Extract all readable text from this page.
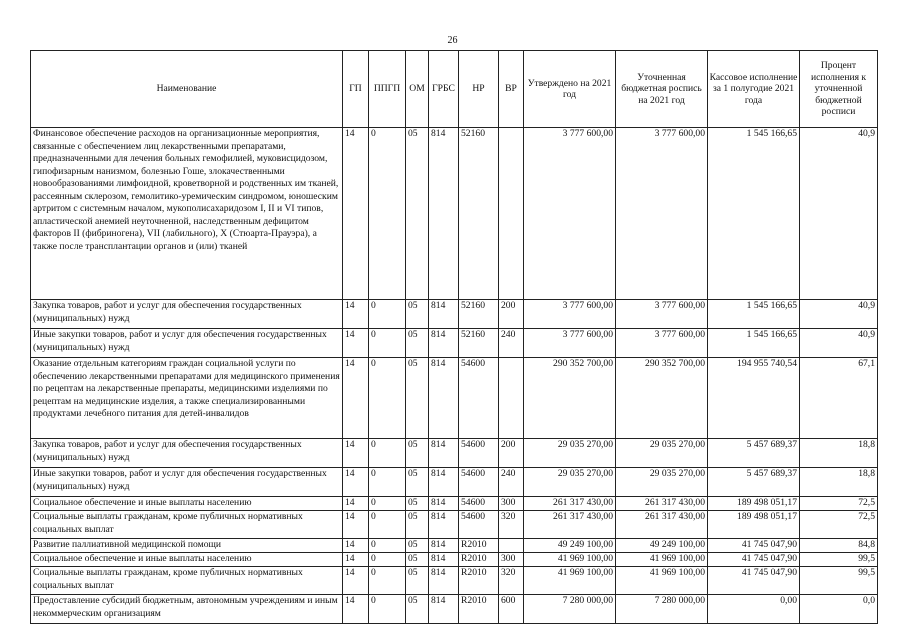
26
Наименование	ГП	ППГП	ОМ	ГРБС	НР	ВР	Утверждено на 2021 год	Уточненная бюджетная роспись на 2021 год	Кассовое исполнение за 1 полугодие 2021 года	Процент исполнения к уточненной бюджетной росписи
Финансовое обеспечение расходов на организационные мероприятия, связанные с обеспечением лиц лекарственными препаратами, предназначенными для лечения больных гемофилией, муковисцидозом, гипофизарным нанизмом, болезнью Гоше, злокачественными новообразованиями лимфоидной, кроветворной и родственных им тканей, рассеянным склерозом, гемолитико-уремическим синдромом, юношеским артритом с системным началом, мукополисахаридозом I, II и VI типов, апластической анемией неуточненной, наследственным дефицитом факторов II (фибриногена), VII (лабильного), X (Стюарта-Прауэра), а также после трансплантации органов и (или) тканей	14	0	05	814	52160		3 777 600,00	3 777 600,00	1 545 166,65	40,9
Закупка товаров, работ и услуг для обеспечения государственных (муниципальных) нужд	14	0	05	814	52160	200	3 777 600,00	3 777 600,00	1 545 166,65	40,9
Иные закупки товаров, работ и услуг для обеспечения государственных (муниципальных) нужд	14	0	05	814	52160	240	3 777 600,00	3 777 600,00	1 545 166,65	40,9
Оказание отдельным категориям граждан социальной услуги по обеспечению лекарственными препаратами для медицинского применения по рецептам на лекарственные препараты, медицинскими изделиями по рецептам на медицинские изделия, а также специализированными продуктами лечебного питания для детей-инвалидов	14	0	05	814	54600		290 352 700,00	290 352 700,00	194 955 740,54	67,1
Закупка товаров, работ и услуг для обеспечения государственных (муниципальных) нужд	14	0	05	814	54600	200	29 035 270,00	29 035 270,00	5 457 689,37	18,8
Иные закупки товаров, работ и услуг для обеспечения государственных (муниципальных) нужд	14	0	05	814	54600	240	29 035 270,00	29 035 270,00	5 457 689,37	18,8
Социальное обеспечение и иные выплаты населению	14	0	05	814	54600	300	261 317 430,00	261 317 430,00	189 498 051,17	72,5
Социальные выплаты гражданам, кроме публичных нормативных социальных выплат	14	0	05	814	54600	320	261 317 430,00	261 317 430,00	189 498 051,17	72,5
Развитие паллиативной медицинской помощи	14	0	05	814	R2010		49 249 100,00	49 249 100,00	41 745 047,90	84,8
Социальное обеспечение и иные выплаты населению	14	0	05	814	R2010	300	41 969 100,00	41 969 100,00	41 745 047,90	99,5
Социальные выплаты гражданам, кроме публичных нормативных социальных выплат	14	0	05	814	R2010	320	41 969 100,00	41 969 100,00	41 745 047,90	99,5
Предоставление субсидий бюджетным, автономным учреждениям и иным некоммерческим организациям	14	0	05	814	R2010	600	7 280 000,00	7 280 000,00	0,00	0,0
